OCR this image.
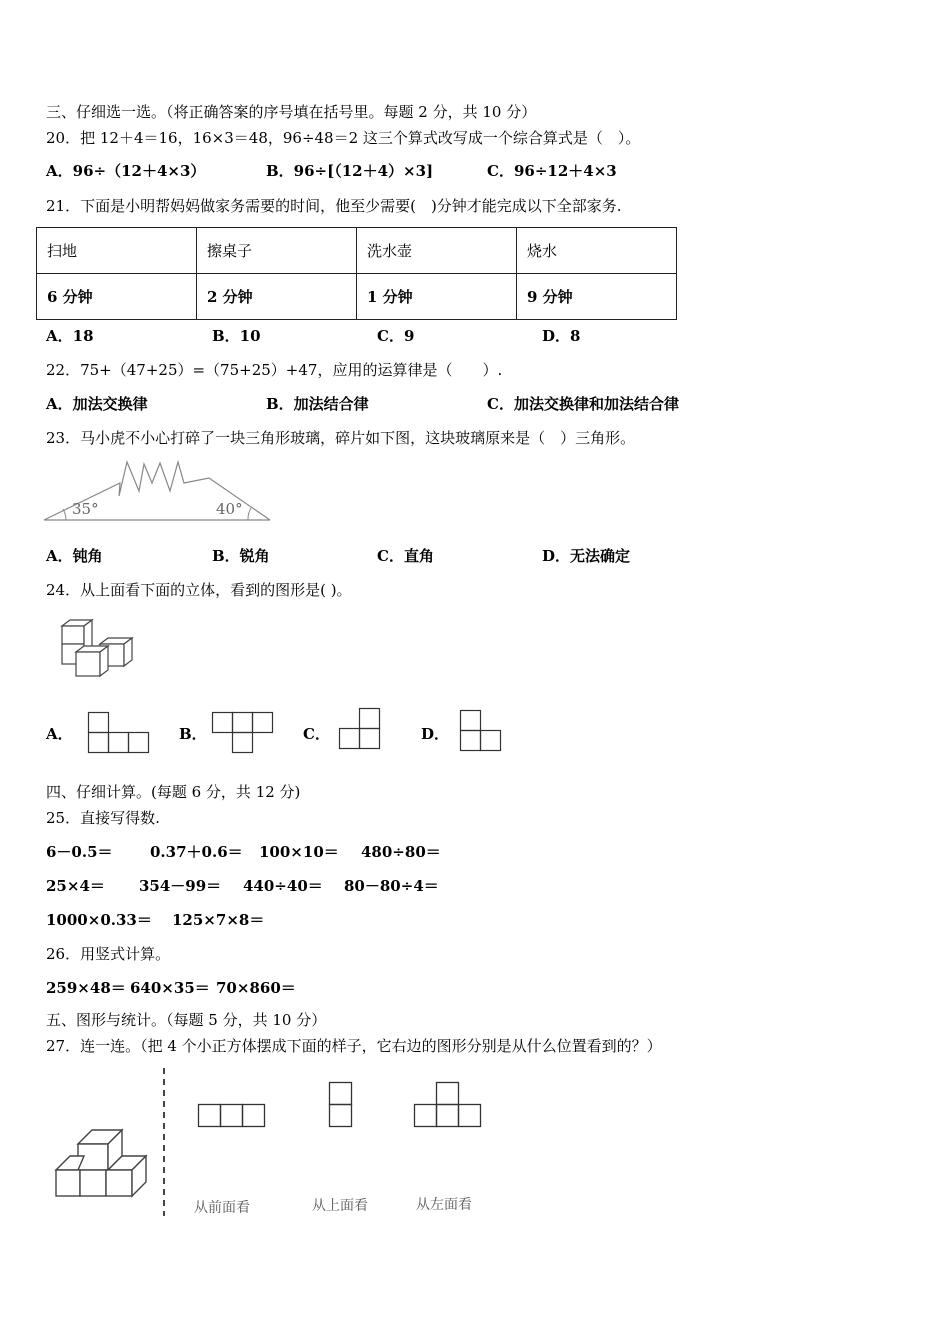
三、仔细选一选。（将正确答案的序号填在括号里。每题 2 分，共 10 分）
20．把 12＋4＝16，16×3＝48，96÷48＝2 这三个算式改写成一个综合算式是（　）。
A．96÷（12＋4×3）	B．96÷[（12＋4）×3]	C．96÷12＋4×3
21．下面是小明帮妈妈做家务需要的时间，他至少需要(　)分钟才能完成以下全部家务.
扫地	擦桌子	洗水壶	烧水
6 分钟	2 分钟	1 分钟	9 分钟
A．18	B．10	C．9	D．8
22．75+（47+25）=（75+25）+47，应用的运算律是（　　）.
A．加法交换律	B．加法结合律	C．加法交换律和加法结合律
23．马小虎不小心打碎了一块三角形玻璃，碎片如下图，这块玻璃原来是（　）三角形。
35°	40°
A．钝角	B．锐角	C．直角	D．无法确定
24．从上面看下面的立体，看到的图形是( )。
A．	B．	C．	D．
四、仔细计算。(每题 6 分，共 12 分)
25．直接写得数.
6－0.5＝ 0.37＋0.6＝ 100×10＝ 480÷80＝
25×4＝ 354－99＝ 440÷40＝ 80－80÷4＝
1000×0.33＝ 125×7×8＝
26．用竖式计算。
259×48＝ 640×35＝ 70×860＝
五、图形与统计。（每题 5 分，共 10 分）
27．连一连。（把 4 个小正方体摆成下面的样子，它右边的图形分别是从什么位置看到的？）
从前面看	从上面看	从左面看
